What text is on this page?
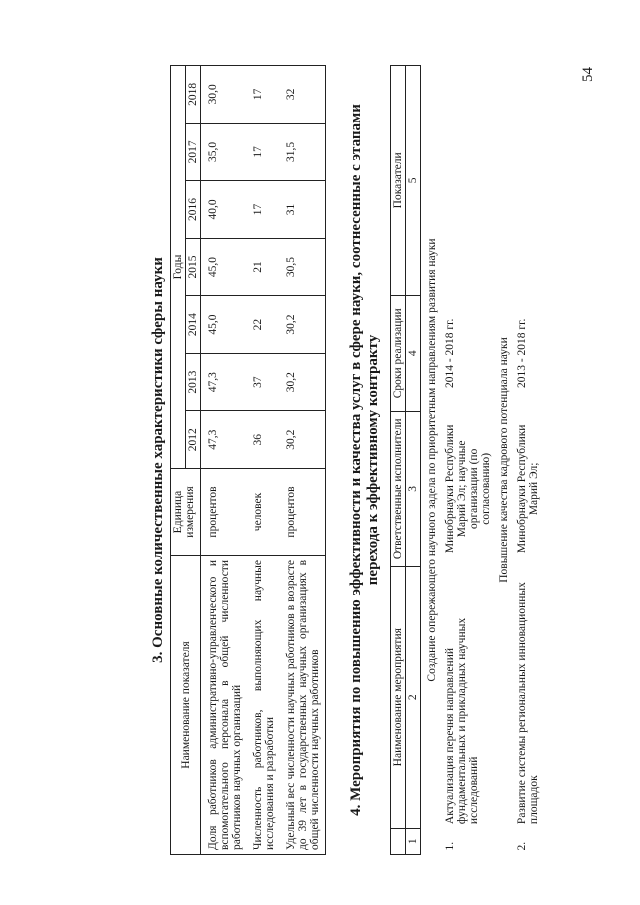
54

3. Основные количественные характеристики сферы науки

Наименование показателя	Единица измерения	Годы						
		2012	2013	2014	2015	2016	2017	2018
Доля работников административно-управленческого и вспомогательного персонала в общей численности работников научных организаций	процентов	47,3	47,3	45,0	45,0	40,0	35,0	30,0
Численность работников, выполняющих научные исследования и разработки	человек	36	37	22	21	17	17	17
Удельный вес численности научных работников в возрасте до 39 лет в государственных научных организациях в общей численности научных работников	процентов	30,2	30,2	30,2	30,5	31	31,5	32

4. Мероприятия по повышению эффективности и качества услуг в сфере науки, соотнесенные с этапами перехода к эффективному контракту

	Наименование мероприятия	Ответственные исполнители	Сроки реализации	Показатели
1	2	3	4	5
Создание опережающего научного задела по приоритетным направлениям развития науки				
1.	Актуализация перечня направлений фундаментальных и прикладных научных исследований	Минобрнауки Республики Марий Эл; научные организации (по согласованию)	2014 - 2018 гг.	
Повышение качества кадрового потенциала науки				
2.	Развитие системы региональных инновационных площадок	Минобрнауки Республики Марий Эл;	2013 - 2018 гг.	
